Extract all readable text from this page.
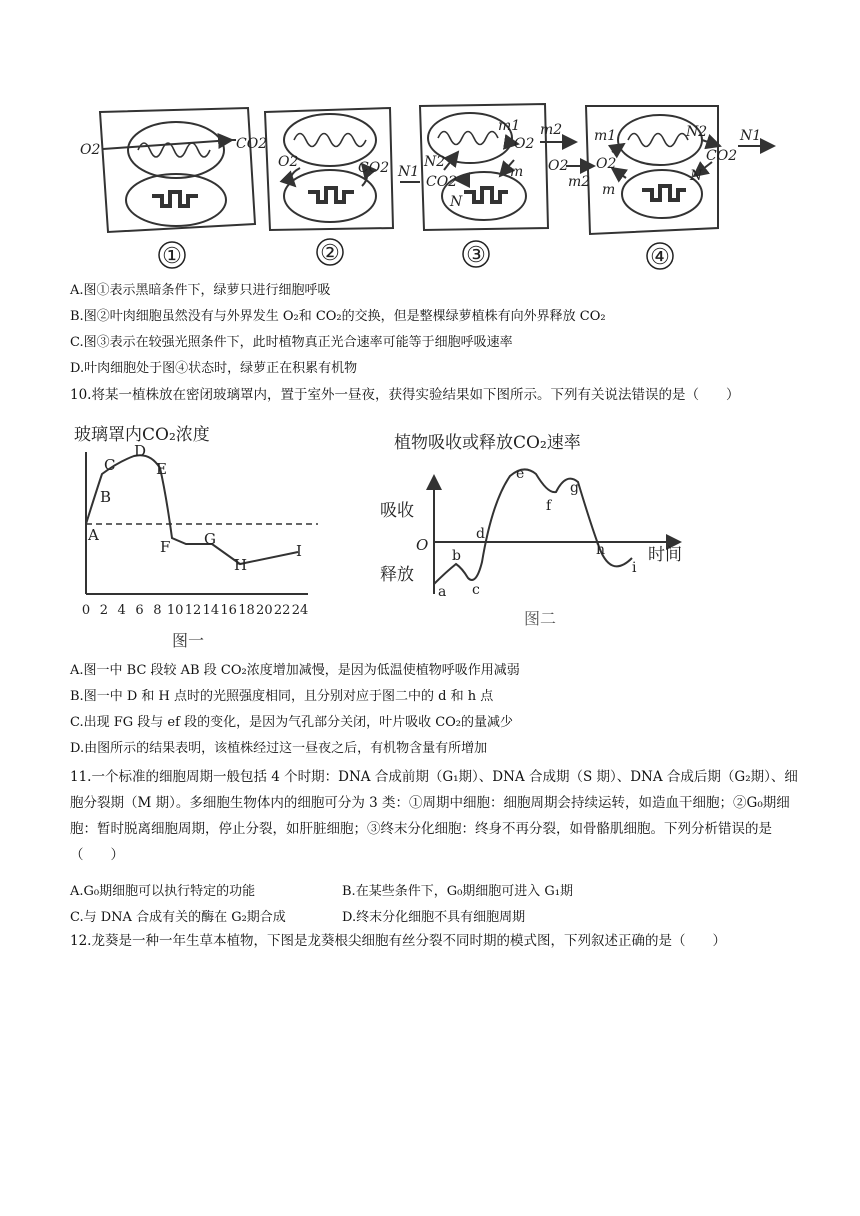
O2	CO2
O2	CO2 N1
N2
CO2
N
m1
O2
m
m2
O2
m2
m1
O2
m
N2
CO2
N
N1
①	②	③	④
A.图①表示黑暗条件下，绿萝只进行细胞呼吸
B.图②叶肉细胞虽然没有与外界发生 O₂和 CO₂的交换，但是整棵绿萝植株有向外界释放 CO₂
C.图③表示在较强光照条件下，此时植物真正光合速率可能等于细胞呼吸速率
D.叶肉细胞处于图④状态时，绿萝正在积累有机物
10.将某一植株放在密闭玻璃罩内，置于室外一昼夜，获得实验结果如下图所示。下列有关说法错误的是（　　）
玻璃罩内CO₂浓度
A
B
C
D
E
F G
H
I
0 2 4 6 8 10 12 14 16 18 20 22 24
图一
植物吸收或释放CO₂速率
吸收
O
释放
时间
a
b
c
d
e
f
g
h
i
图二
A.图一中 BC 段较 AB 段 CO₂浓度增加减慢，是因为低温使植物呼吸作用减弱
B.图一中 D 和 H 点时的光照强度相同，且分别对应于图二中的 d 和 h 点
C.出现 FG 段与 ef 段的变化，是因为气孔部分关闭，叶片吸收 CO₂的量减少
D.由图所示的结果表明，该植株经过这一昼夜之后，有机物含量有所增加
11.一个标准的细胞周期一般包括 4 个时期：DNA 合成前期（G₁期）、DNA 合成期（S 期）、DNA 合成后期（G₂期）、细胞分裂期（M 期）。多细胞生物体内的细胞可分为 3 类：①周期中细胞：细胞周期会持续运转，如造血干细胞；②G₀期细胞：暂时脱离细胞周期，停止分裂，如肝脏细胞；③终末分化细胞：终身不再分裂，如骨骼肌细胞。下列分析错误的是（　　）
A.G₀期细胞可以执行特定的功能	B.在某些条件下，G₀期细胞可进入 G₁期
C.与 DNA 合成有关的酶在 G₂期合成	D.终末分化细胞不具有细胞周期
12.龙葵是一种一年生草本植物，下图是龙葵根尖细胞有丝分裂不同时期的模式图，下列叙述正确的是（　　）
